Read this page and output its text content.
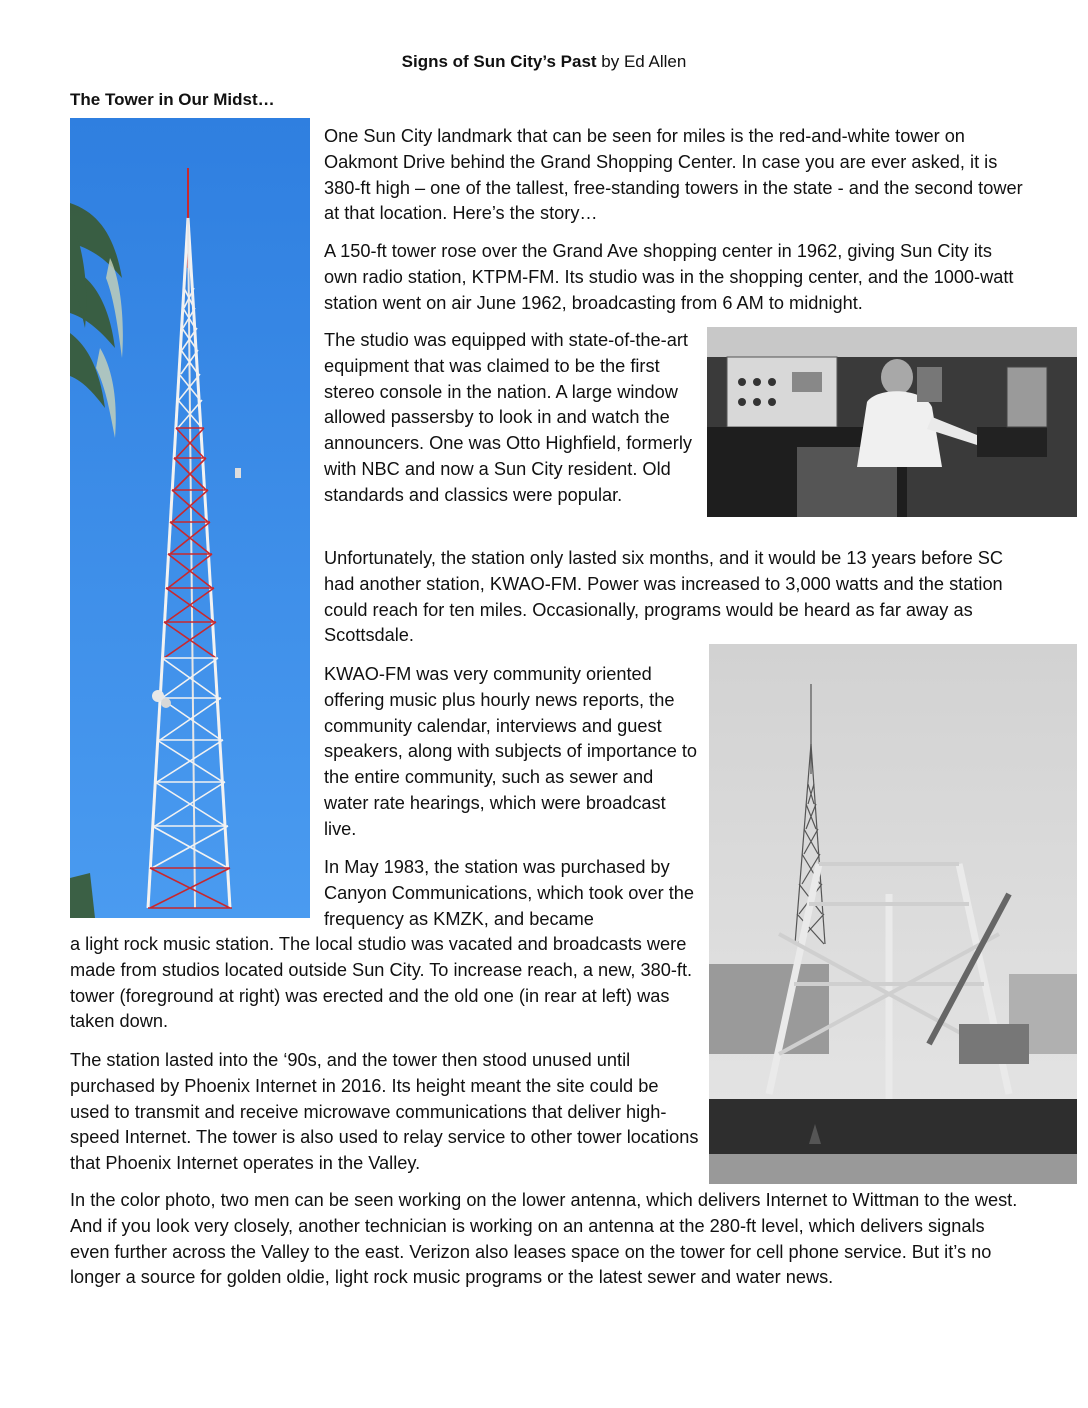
Signs of Sun City’s Past by Ed Allen
The Tower in Our Midst…

One Sun City landmark that can be seen for miles is the red-and-white tower on Oakmont Drive behind the Grand Shopping Center. In case you are ever asked, it is 380-ft high – one of the tallest, free-standing towers in the state - and the second tower at that location. Here’s the story…

A 150-ft tower rose over the Grand Ave shopping center in 1962, giving Sun City its own radio station, KTPM-FM. Its studio was in the shopping center, and the 1000-watt station went on air June 1962, broadcasting from 6 AM to midnight.

The studio was equipped with state-of-the-art equipment that was claimed to be the first stereo console in the nation. A large window allowed passersby to look in and watch the announcers. One was Otto Highfield, formerly with NBC and now a Sun City resident. Old standards and classics were popular.

Unfortunately, the station only lasted six months, and it would be 13 years before SC had another station, KWAO-FM. Power was increased to 3,000 watts and the station could reach for ten miles. Occasionally, programs would be heard as far away as Scottsdale.

KWAO-FM was very community oriented offering music plus hourly news reports, the community calendar, interviews and guest speakers, along with subjects of importance to the entire community, such as sewer and water rate hearings, which were broadcast live.

In May 1983, the station was purchased by Canyon Communications, which took over the frequency as KMZK, and became

a light rock music station. The local studio was vacated and broadcasts were made from studios located outside Sun City. To increase reach, a new, 380-ft. tower (foreground at right) was erected and the old one (in rear at left) was taken down.

The station lasted into the ‘90s, and the tower then stood unused until purchased by Phoenix Internet in 2016. Its height meant the site could be used to transmit and receive microwave communications that deliver high-speed Internet. The tower is also used to relay service to other tower locations that Phoenix Internet operates in the Valley.

In the color photo, two men can be seen working on the lower antenna, which delivers Internet to Wittman to the west. And if you look very closely, another technician is working on an antenna at the 280-ft level, which delivers signals even further across the Valley to the east. Verizon also leases space on the tower for cell phone service. But it’s no longer a source for golden oldie, light rock music programs or the latest sewer and water news.
